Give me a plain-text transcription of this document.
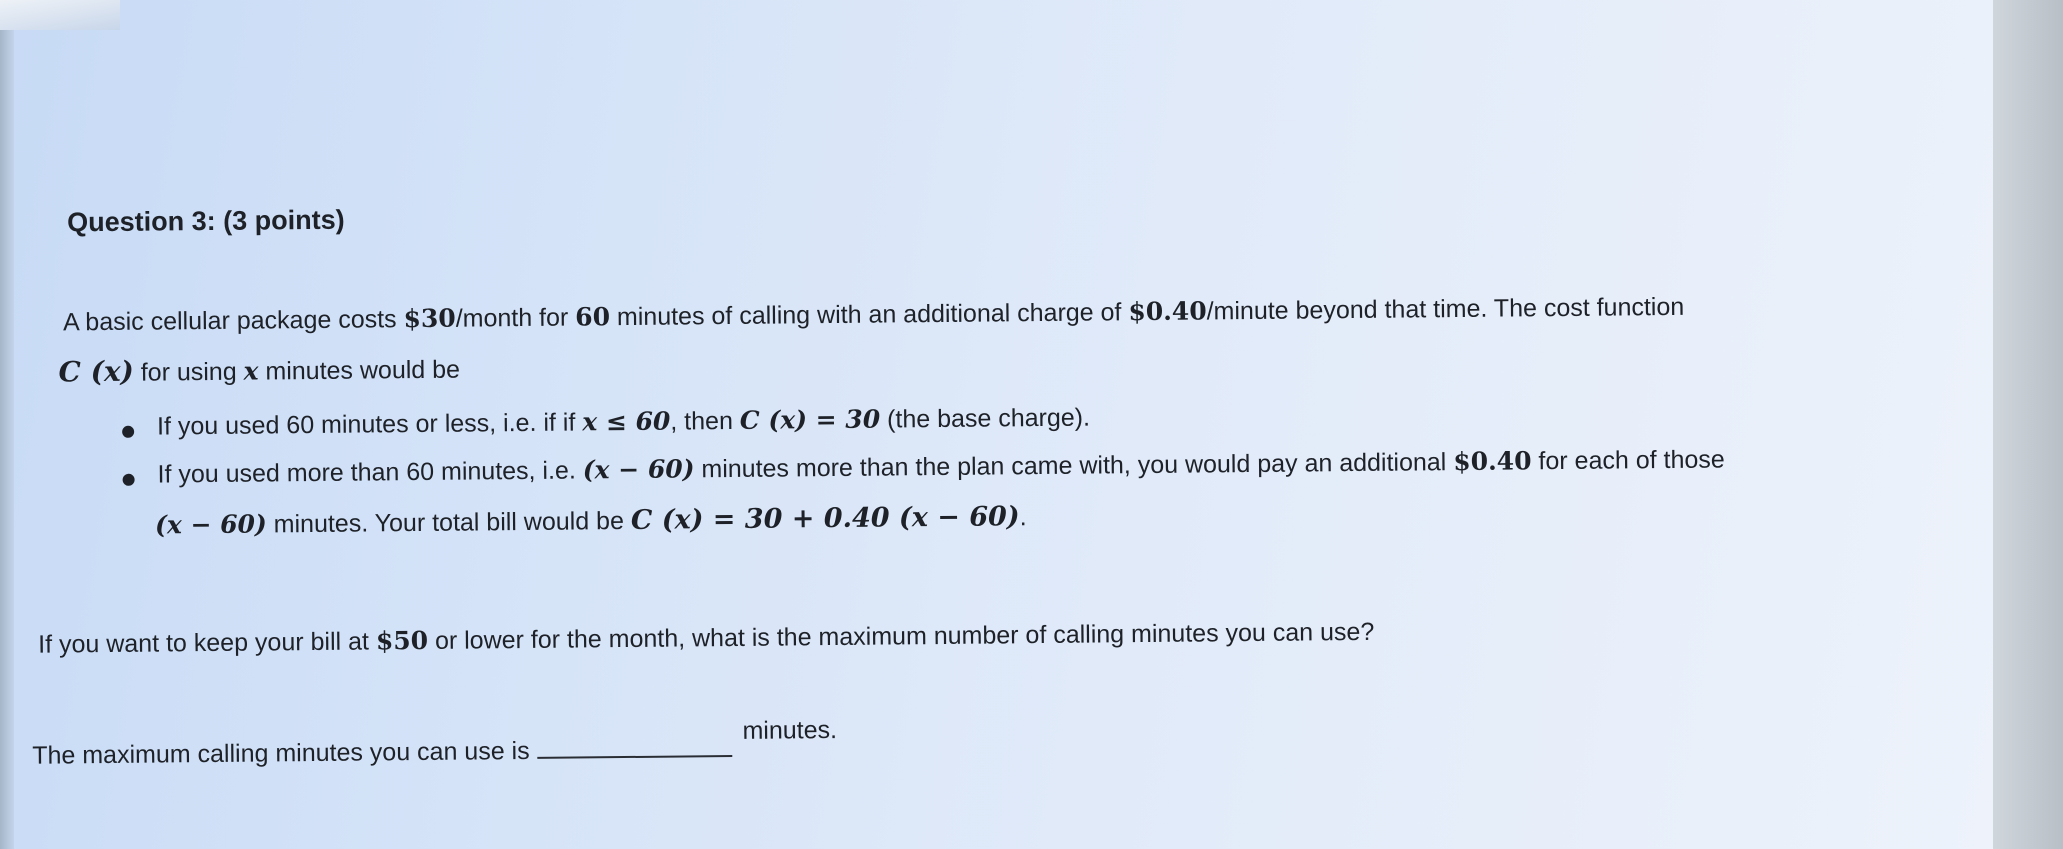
Question 3: (3 points)
A basic cellular package costs $30/month for 60 minutes of calling with an additional charge of $0.40/minute beyond that time. The cost function
C (x) for using x minutes would be
If you used 60 minutes or less, i.e. if if x ≤ 60, then C (x) = 30 (the base charge).
If you used more than 60 minutes, i.e. (x − 60) minutes more than the plan came with, you would pay an additional $0.40 for each of those
(x − 60) minutes. Your total bill would be C (x) = 30 + 0.40 (x − 60).
If you want to keep your bill at $50 or lower for the month, what is the maximum number of calling minutes you can use?
The maximum calling minutes you can use isminutes.
